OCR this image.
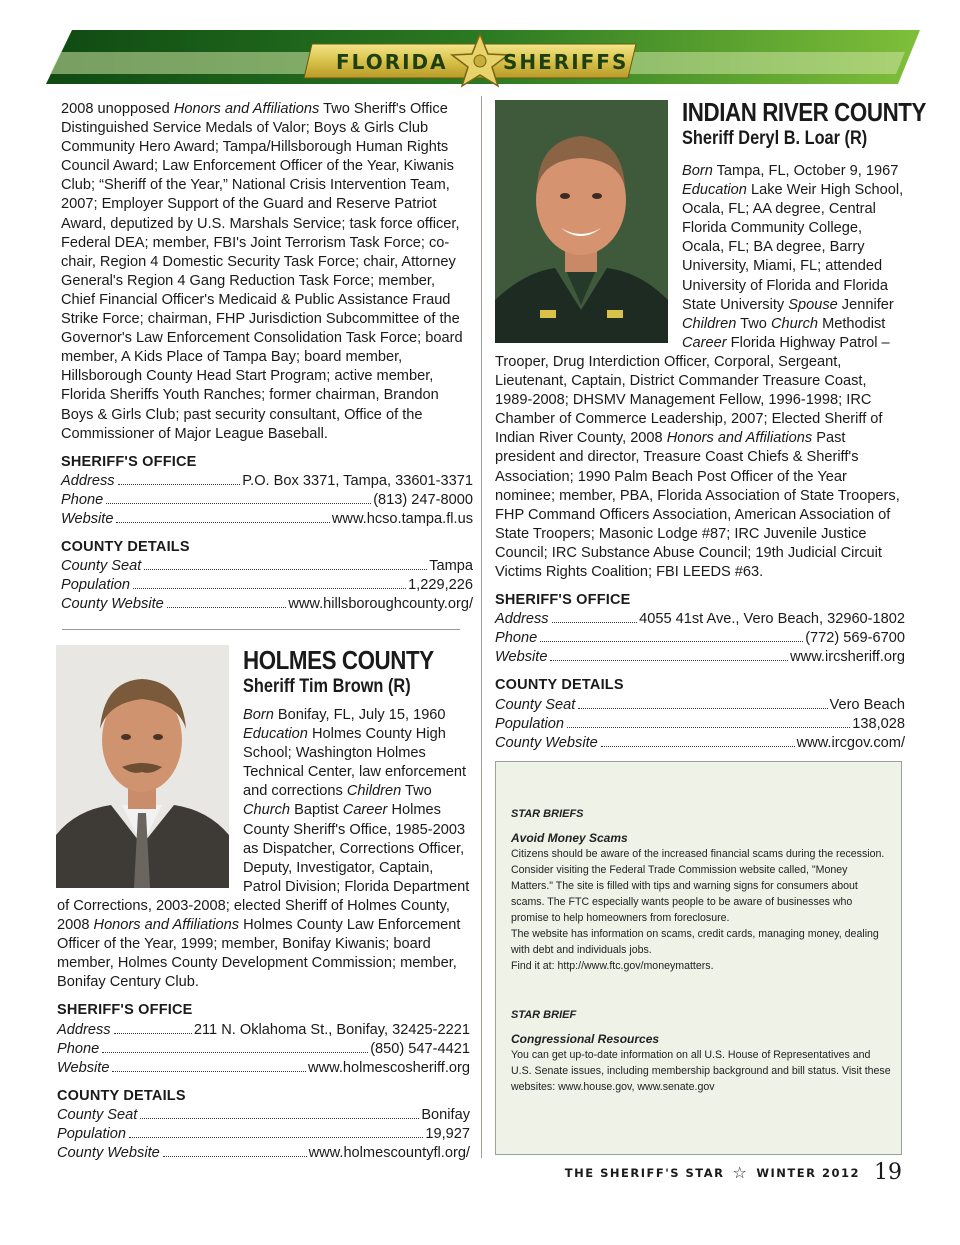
FLORIDA	SHERIFFS

2008 unopposed Honors and Affiliations Two Sheriff's Office Distinguished Service Medals of Valor; Boys & Girls Club Community Hero Award; Tampa/Hillsborough Human Rights Council Award; Law Enforcement Officer of the Year, Kiwanis Club; “Sheriff of the Year,” National Crisis Intervention Team, 2007; Employer Support of the Guard and Reserve Patriot Award, deputized by U.S. Marshals Service; task force officer, Federal DEA; member, FBI's Joint Terrorism Task Force; co-chair, Region 4 Domestic Security Task Force; chair, Attorney General's Region 4 Gang Reduction Task Force; member, Chief Financial Officer's Medicaid & Public Assistance Fraud Strike Force; chairman, FHP Jurisdiction Subcommittee of the Governor's Law Enforcement Consolidation Task Force; board member, A Kids Place of Tampa Bay; board member, Hillsborough County Head Start Program; active member, Florida Sheriffs Youth Ranches; former chairman, Brandon Boys & Girls Club; past security consultant, Office of the Commissioner of Major League Baseball.

SHERIFF'S OFFICE
Address	P.O. Box 3371, Tampa, 33601-3371
Phone	(813) 247-8000
Website	www.hcso.tampa.fl.us
COUNTY DETAILS
County Seat	Tampa
Population	1,229,226
County Website	www.hillsboroughcounty.org/
HOLMES COUNTY
Sheriff Tim Brown (R)

Born Bonifay, FL, July 15, 1960 Education Holmes County High School; Washington Holmes Technical Center, law enforcement and corrections Children Two Church Baptist Career Holmes County Sheriff's Office, 1985-2003 as Dispatcher, Corrections Officer, Deputy, Investigator, Captain, Patrol Division; Florida Department of Corrections, 2003-2008; elected Sheriff of Holmes County, 2008 Honors and Affiliations Holmes County Law Enforcement Officer of the Year, 1999; member, Bonifay Kiwanis; board member, Holmes County Development Commission; member, Bonifay Century Club.

SHERIFF'S OFFICE
Address	211 N. Oklahoma St., Bonifay, 32425-2221
Phone	(850) 547-4421
Website	www.holmescosheriff.org
COUNTY DETAILS
County Seat	Bonifay
Population	19,927
County Website	www.holmescountyfl.org/
INDIAN RIVER COUNTY
Sheriff Deryl B. Loar (R)

Born Tampa, FL, October 9, 1967 Education Lake Weir High School, Ocala, FL; AA degree, Central Florida Community College, Ocala, FL; BA degree, Barry University, Miami, FL; attended University of Florida and Florida State University Spouse Jennifer Children Two Church Methodist Career Florida Highway Patrol – Trooper, Drug Interdiction Officer, Corporal, Sergeant, Lieutenant, Captain, District Commander Treasure Coast, 1989-2008; DHSMV Management Fellow, 1996-1998; IRC Chamber of Commerce Leadership, 2007; Elected Sheriff of Indian River County, 2008 Honors and Affiliations Past president and director, Treasure Coast Chiefs & Sheriff's Association; 1990 Palm Beach Post Officer of the Year nominee; member, PBA, Florida Association of State Troopers, FHP Command Officers Association, American Association of State Troopers; Masonic Lodge #87; IRC Juvenile Justice Council; IRC Substance Abuse Council; 19th Judicial Circuit Victims Rights Coalition; FBI LEEDS #63.

SHERIFF'S OFFICE
Address	4055 41st Ave., Vero Beach, 32960-1802
Phone	(772) 569-6700
Website	www.ircsheriff.org
COUNTY DETAILS
County Seat	Vero Beach
Population	138,028
County Website	www.ircgov.com/
STAR BRIEFS
Avoid Money Scams

Citizens should be aware of the increased financial scams during the recession. Consider visiting the Federal Trade Commission website called, "Money Matters." The site is filled with tips and warning signs for consumers about scams. The FTC especially wants people to be aware of businesses who promise to help homeowners from foreclosure.

The website has information on scams, credit cards, managing money, dealing with debt and individuals jobs.

Find it at: http://www.ftc.gov/moneymatters.

STAR BRIEF
Congressional Resources

You can get up-to-date information on all U.S. House of Representatives and U.S. Senate issues, including membership background and bill status. Visit these websites: www.house.gov, www.senate.gov

THE SHERIFF'S STAR ☆ WINTER 2012 19
